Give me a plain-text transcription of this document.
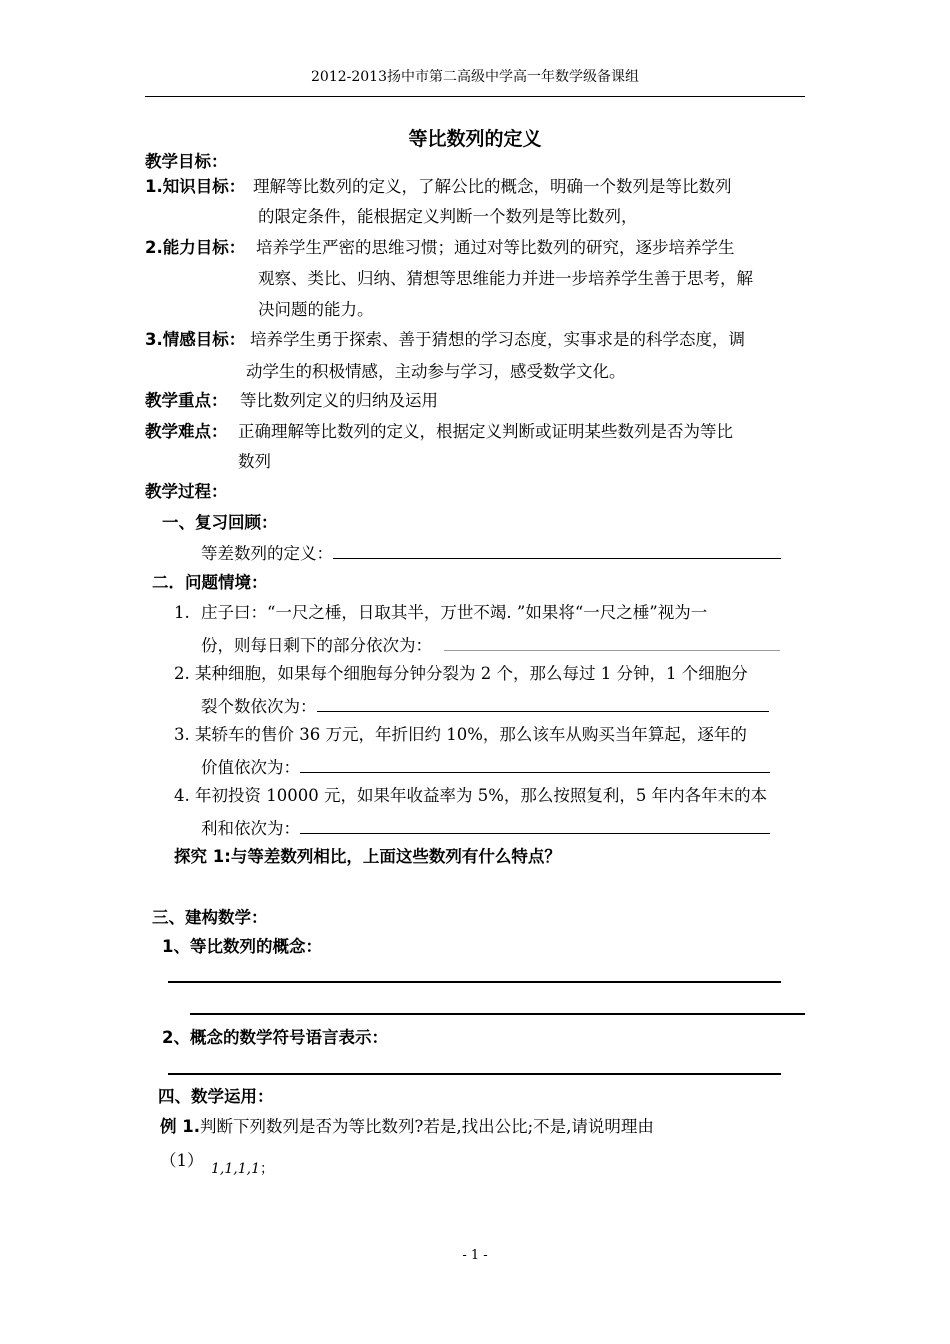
2012-2013扬中市第二高级中学高一年数学级备课组
等比数列的定义
教学目标：
1.知识目标： 理解等比数列的定义，了解公比的概念，明确一个数列是等比数列
的限定条件，能根据定义判断一个数列是等比数列，
2.能力目标： 培养学生严密的思维习惯；通过对等比数列的研究，逐步培养学生
观察、类比、归纳、猜想等思维能力并进一步培养学生善于思考，解
决问题的能力。
3.情感目标： 培养学生勇于探索、善于猜想的学习态度，实事求是的科学态度，调
动学生的积极情感，主动参与学习，感受数学文化。
教学重点： 等比数列定义的归纳及运用
教学难点： 正确理解等比数列的定义，根据定义判断或证明某些数列是否为等比
数列
教学过程：
一、复习回顾：
等差数列的定义：
二．问题情境：
1. 庄子曰：“一尺之棰，日取其半，万世不竭. ”如果将“一尺之棰”视为一
份，则每日剩下的部分依次为：
2. 某种细胞，如果每个细胞每分钟分裂为 2 个，那么每过 1 分钟，1 个细胞分
裂个数依次为：
3. 某轿车的售价 36 万元，年折旧约 10%，那么该车从购买当年算起，逐年的
价值依次为：
4. 年初投资 10000 元，如果年收益率为 5%，那么按照复利，5 年内各年末的本
利和依次为：
探究 1:与等差数列相比，上面这些数列有什么特点？
三、建构数学：
1、等比数列的概念：
2、概念的数学符号语言表示：
四、数学运用：
例 1.判断下列数列是否为等比数列?若是,找出公比;不是,请说明理由
（1） 1,1,1,1；
- 1 -
